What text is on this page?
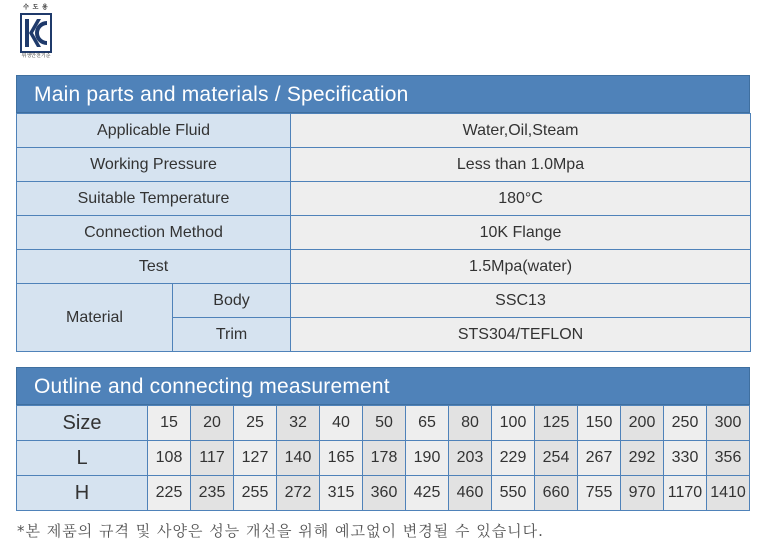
수 도 용
위생안전기준
Main parts and materials / Specification
Applicable Fluid		Water,Oil,Steam
Working Pressure		Less than 1.0Mpa
Suitable Temperature		180°C
Connection Method		10K Flange
Test		1.5Mpa(water)
Material	Body	SSC13
	Trim	STS304/TEFLON
Outline and connecting measurement
Size	15	20	25	32	40	50	65	80	100	125	150	200	250	300
L	108	117	127	140	165	178	190	203	229	254	267	292	330	356
H	225	235	255	272	315	360	425	460	550	660	755	970	1170	1410
*본 제품의 규격 및 사양은 성능 개선을 위해 예고없이 변경될 수 있습니다.
